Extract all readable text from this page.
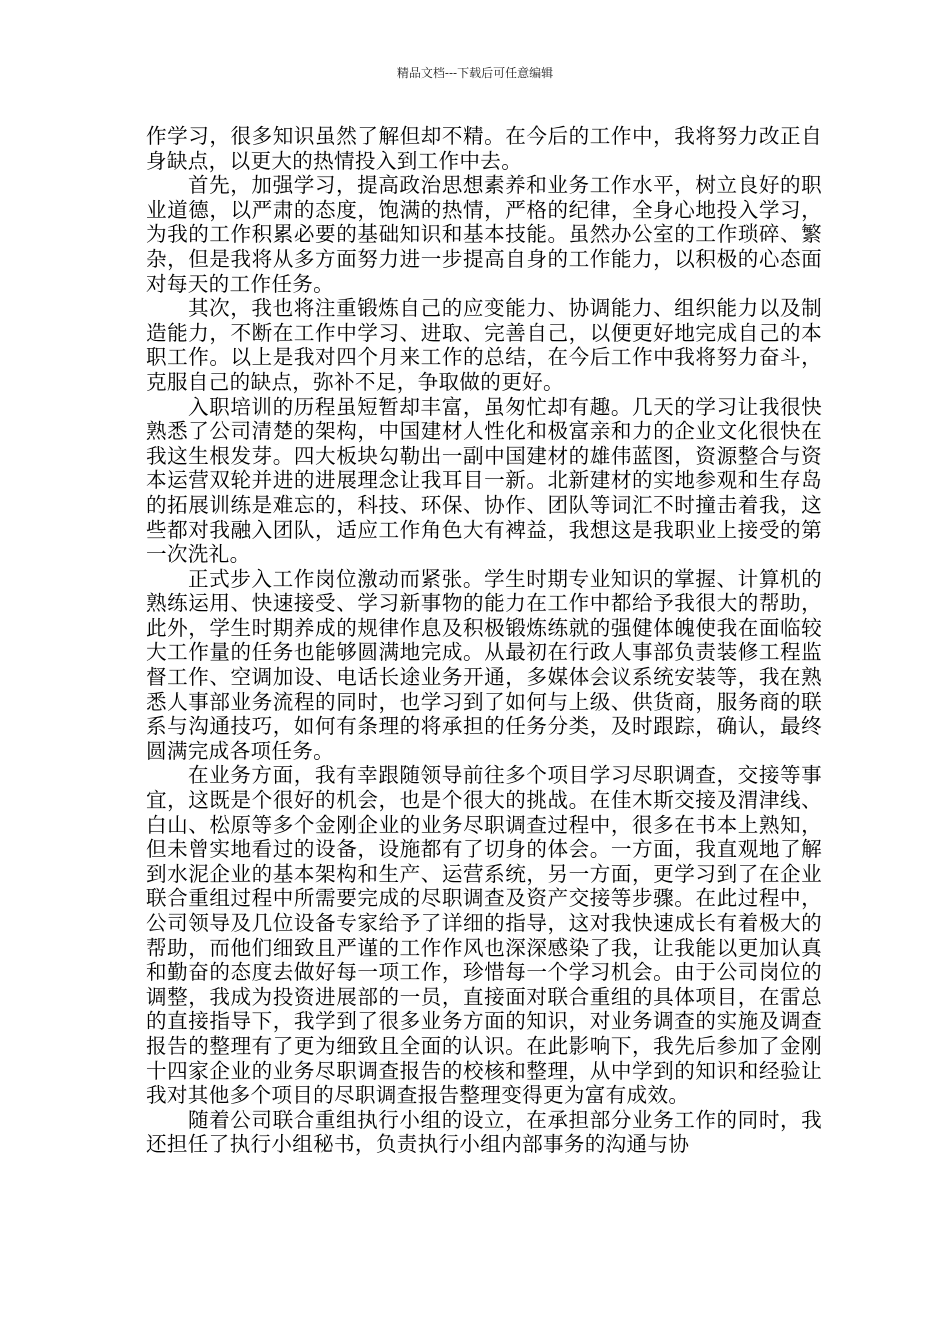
精品文档---下载后可任意编辑

作学习，很多知识虽然了解但却不精。在今后的工作中，我将努力改正自身缺点，以更大的热情投入到工作中去。

首先，加强学习，提高政治思想素养和业务工作水平，树立良好的职业道德，以严肃的态度，饱满的热情，严格的纪律，全身心地投入学习，为我的工作积累必要的基础知识和基本技能。虽然办公室的工作琐碎、繁杂，但是我将从多方面努力进一步提高自身的工作能力，以积极的心态面对每天的工作任务。

其次，我也将注重锻炼自己的应变能力、协调能力、组织能力以及制造能力，不断在工作中学习、进取、完善自己，以便更好地完成自己的本职工作。以上是我对四个月来工作的总结，在今后工作中我将努力奋斗，克服自己的缺点，弥补不足，争取做的更好。

入职培训的历程虽短暂却丰富，虽匆忙却有趣。几天的学习让我很快熟悉了公司清楚的架构，中国建材人性化和极富亲和力的企业文化很快在我这生根发芽。四大板块勾勒出一副中国建材的雄伟蓝图，资源整合与资本运营双轮并进的进展理念让我耳目一新。北新建材的实地参观和生存岛的拓展训练是难忘的，科技、环保、协作、团队等词汇不时撞击着我，这些都对我融入团队，适应工作角色大有裨益，我想这是我职业上接受的第一次洗礼。

正式步入工作岗位激动而紧张。学生时期专业知识的掌握、计算机的熟练运用、快速接受、学习新事物的能力在工作中都给予我很大的帮助，此外，学生时期养成的规律作息及积极锻炼练就的强健体魄使我在面临较大工作量的任务也能够圆满地完成。从最初在行政人事部负责装修工程监督工作、空调加设、电话长途业务开通，多媒体会议系统安装等，我在熟悉人事部业务流程的同时，也学习到了如何与上级、供货商，服务商的联系与沟通技巧，如何有条理的将承担的任务分类，及时跟踪，确认，最终圆满完成各项任务。

在业务方面，我有幸跟随领导前往多个项目学习尽职调查，交接等事宜，这既是个很好的机会，也是个很大的挑战。在佳木斯交接及渭津线、白山、松原等多个金刚企业的业务尽职调查过程中，很多在书本上熟知，但未曾实地看过的设备，设施都有了切身的体会。一方面，我直观地了解到水泥企业的基本架构和生产、运营系统，另一方面，更学习到了在企业联合重组过程中所需要完成的尽职调查及资产交接等步骤。在此过程中，公司领导及几位设备专家给予了详细的指导，这对我快速成长有着极大的帮助，而他们细致且严谨的工作作风也深深感染了我，让我能以更加认真和勤奋的态度去做好每一项工作，珍惜每一个学习机会。由于公司岗位的调整，我成为投资进展部的一员，直接面对联合重组的具体项目，在雷总的直接指导下，我学到了很多业务方面的知识，对业务调查的实施及调查报告的整理有了更为细致且全面的认识。在此影响下，我先后参加了金刚十四家企业的业务尽职调查报告的校核和整理，从中学到的知识和经验让我对其他多个项目的尽职调查报告整理变得更为富有成效。

随着公司联合重组执行小组的设立，在承担部分业务工作的同时，我还担任了执行小组秘书，负责执行小组内部事务的沟通与协
